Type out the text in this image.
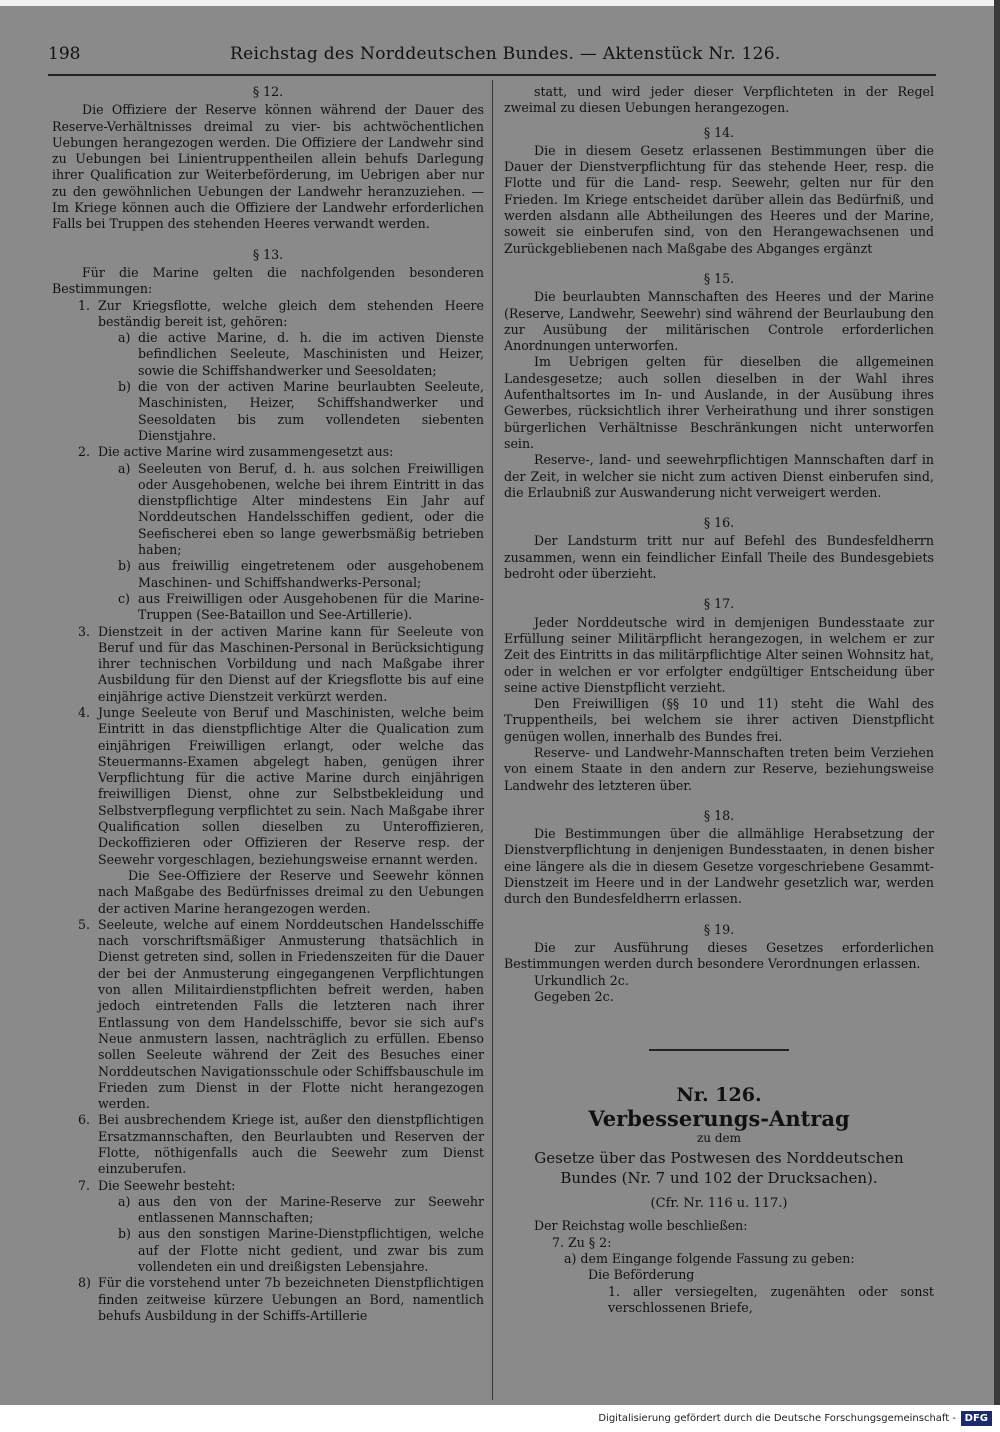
198	Reichstag des Norddeutschen Bundes. — Aktenstück Nr. 126.
§ 12.

Die Offiziere der Reserve können während der Dauer des Reserve-Verhältnisses dreimal zu vier- bis achtwöchentlichen Uebungen herangezogen werden. Die Offiziere der Landwehr sind zu Uebungen bei Linientruppentheilen allein behufs Darlegung ihrer Qualification zur Weiterbeförderung, im Uebrigen aber nur zu den gewöhnlichen Uebungen der Landwehr heranzuziehen. — Im Kriege können auch die Offiziere der Landwehr erforderlichen Falls bei Truppen des stehenden Heeres verwandt werden.

§ 13.

Für die Marine gelten die nachfolgenden besonderen Bestimmungen:

1. Zur Kriegsflotte, welche gleich dem stehenden Heere beständig bereit ist, gehören:

a) die active Marine, d. h. die im activen Dienste befindlichen Seeleute, Maschinisten und Heizer, sowie die Schiffshandwerker und Seesoldaten;

b) die von der activen Marine beurlaubten Seeleute, Maschinisten, Heizer, Schiffshandwerker und Seesoldaten bis zum vollendeten siebenten Dienstjahre.

2. Die active Marine wird zusammengesetzt aus:

a) Seeleuten von Beruf, d. h. aus solchen Freiwilligen oder Ausgehobenen, welche bei ihrem Eintritt in das dienstpflichtige Alter mindestens Ein Jahr auf Norddeutschen Handelsschiffen gedient, oder die Seefischerei eben so lange gewerbsmäßig betrieben haben;

b) aus freiwillig eingetretenem oder ausgehobenem Maschinen- und Schiffshandwerks-Personal;

c) aus Freiwilligen oder Ausgehobenen für die Marine-Truppen (See-Bataillon und See-Artillerie).

3. Dienstzeit in der activen Marine kann für Seeleute von Beruf und für das Maschinen-Personal in Berücksichtigung ihrer technischen Vorbildung und nach Maßgabe ihrer Ausbildung für den Dienst auf der Kriegsflotte bis auf eine einjährige active Dienstzeit verkürzt werden.

4. Junge Seeleute von Beruf und Maschinisten, welche beim Eintritt in das dienstpflichtige Alter die Qualication zum einjährigen Freiwilligen erlangt, oder welche das Steuermanns-Examen abgelegt haben, genügen ihrer Verpflichtung für die active Marine durch einjährigen freiwilligen Dienst, ohne zur Selbstbekleidung und Selbstverpflegung verpflichtet zu sein. Nach Maßgabe ihrer Qualification sollen dieselben zu Unteroffizieren, Deckoffizieren oder Offizieren der Reserve resp. der Seewehr vorgeschlagen, beziehungsweise ernannt werden.

Die See-Offiziere der Reserve und Seewehr können nach Maßgabe des Bedürfnisses dreimal zu den Uebungen der activen Marine herangezogen werden.

5. Seeleute, welche auf einem Norddeutschen Handelsschiffe nach vorschriftsmäßiger Anmusterung thatsächlich in Dienst getreten sind, sollen in Friedenszeiten für die Dauer der bei der Anmusterung eingegangenen Verpflichtungen von allen Militairdienstpflichten befreit werden, haben jedoch eintretenden Falls die letzteren nach ihrer Entlassung von dem Handelsschiffe, bevor sie sich auf's Neue anmustern lassen, nachträglich zu erfüllen. Ebenso sollen Seeleute während der Zeit des Besuches einer Norddeutschen Navigationsschule oder Schiffsbauschule im Frieden zum Dienst in der Flotte nicht herangezogen werden.

6. Bei ausbrechendem Kriege ist, außer den dienstpflichtigen Ersatzmannschaften, den Beurlaubten und Reserven der Flotte, nöthigenfalls auch die Seewehr zum Dienst einzuberufen.

7. Die Seewehr besteht:

a) aus den von der Marine-Reserve zur Seewehr entlassenen Mannschaften;

b) aus den sonstigen Marine-Dienstpflichtigen, welche auf der Flotte nicht gedient, und zwar bis zum vollendeten ein und dreißigsten Lebensjahre.

8) Für die vorstehend unter 7b bezeichneten Dienstpflichtigen finden zeitweise kürzere Uebungen an Bord, namentlich behufs Ausbildung in der Schiffs-Artillerie

statt, und wird jeder dieser Verpflichteten in der Regel zweimal zu diesen Uebungen herangezogen.

§ 14.

Die in diesem Gesetz erlassenen Bestimmungen über die Dauer der Dienstverpflichtung für das stehende Heer, resp. die Flotte und für die Land- resp. Seewehr, gelten nur für den Frieden. Im Kriege entscheidet darüber allein das Bedürfniß, und werden alsdann alle Abtheilungen des Heeres und der Marine, soweit sie einberufen sind, von den Herangewachsenen und Zurückgebliebenen nach Maßgabe des Abganges ergänzt

§ 15.

Die beurlaubten Mannschaften des Heeres und der Marine (Reserve, Landwehr, Seewehr) sind während der Beurlaubung den zur Ausübung der militärischen Controle erforderlichen Anordnungen unterworfen.

Im Uebrigen gelten für dieselben die allgemeinen Landesgesetze; auch sollen dieselben in der Wahl ihres Aufenthaltsortes im In- und Auslande, in der Ausübung ihres Gewerbes, rücksichtlich ihrer Verheirathung und ihrer sonstigen bürgerlichen Verhältnisse Beschränkungen nicht unterworfen sein.

Reserve-, land- und seewehrpflichtigen Mannschaften darf in der Zeit, in welcher sie nicht zum activen Dienst einberufen sind, die Erlaubniß zur Auswanderung nicht verweigert werden.

§ 16.

Der Landsturm tritt nur auf Befehl des Bundesfeldherrn zusammen, wenn ein feindlicher Einfall Theile des Bundesgebiets bedroht oder überzieht.

§ 17.

Jeder Norddeutsche wird in demjenigen Bundesstaate zur Erfüllung seiner Militärpflicht herangezogen, in welchem er zur Zeit des Eintritts in das militärpflichtige Alter seinen Wohnsitz hat, oder in welchen er vor erfolgter endgültiger Entscheidung über seine active Dienstpflicht verzieht.

Den Freiwilligen (§§ 10 und 11) steht die Wahl des Truppentheils, bei welchem sie ihrer activen Dienstpflicht genügen wollen, innerhalb des Bundes frei.

Reserve- und Landwehr-Mannschaften treten beim Verziehen von einem Staate in den andern zur Reserve, beziehungsweise Landwehr des letzteren über.

§ 18.

Die Bestimmungen über die allmählige Herabsetzung der Dienstverpflichtung in denjenigen Bundesstaaten, in denen bisher eine längere als die in diesem Gesetze vorgeschriebene Gesammt-Dienstzeit im Heere und in der Landwehr gesetzlich war, werden durch den Bundesfeldherrn erlassen.

§ 19.

Die zur Ausführung dieses Gesetzes erforderlichen Bestimmungen werden durch besondere Verordnungen erlassen.

Urkundlich 2c.

Gegeben 2c.

Nr. 126.
Verbesserungs-Antrag
zu dem
Gesetze über das Postwesen des Norddeutschen Bundes (Nr. 7 und 102 der Drucksachen).
(Cfr. Nr. 116 u. 117.)

Der Reichstag wolle beschließen:

7. Zu § 2:

a) dem Eingange folgende Fassung zu geben:

Die Beförderung

1. aller versiegelten, zugenähten oder sonst verschlossenen Briefe,

Digitalisierung gefördert durch die Deutsche Forschungsgemeinschaft - DFG
